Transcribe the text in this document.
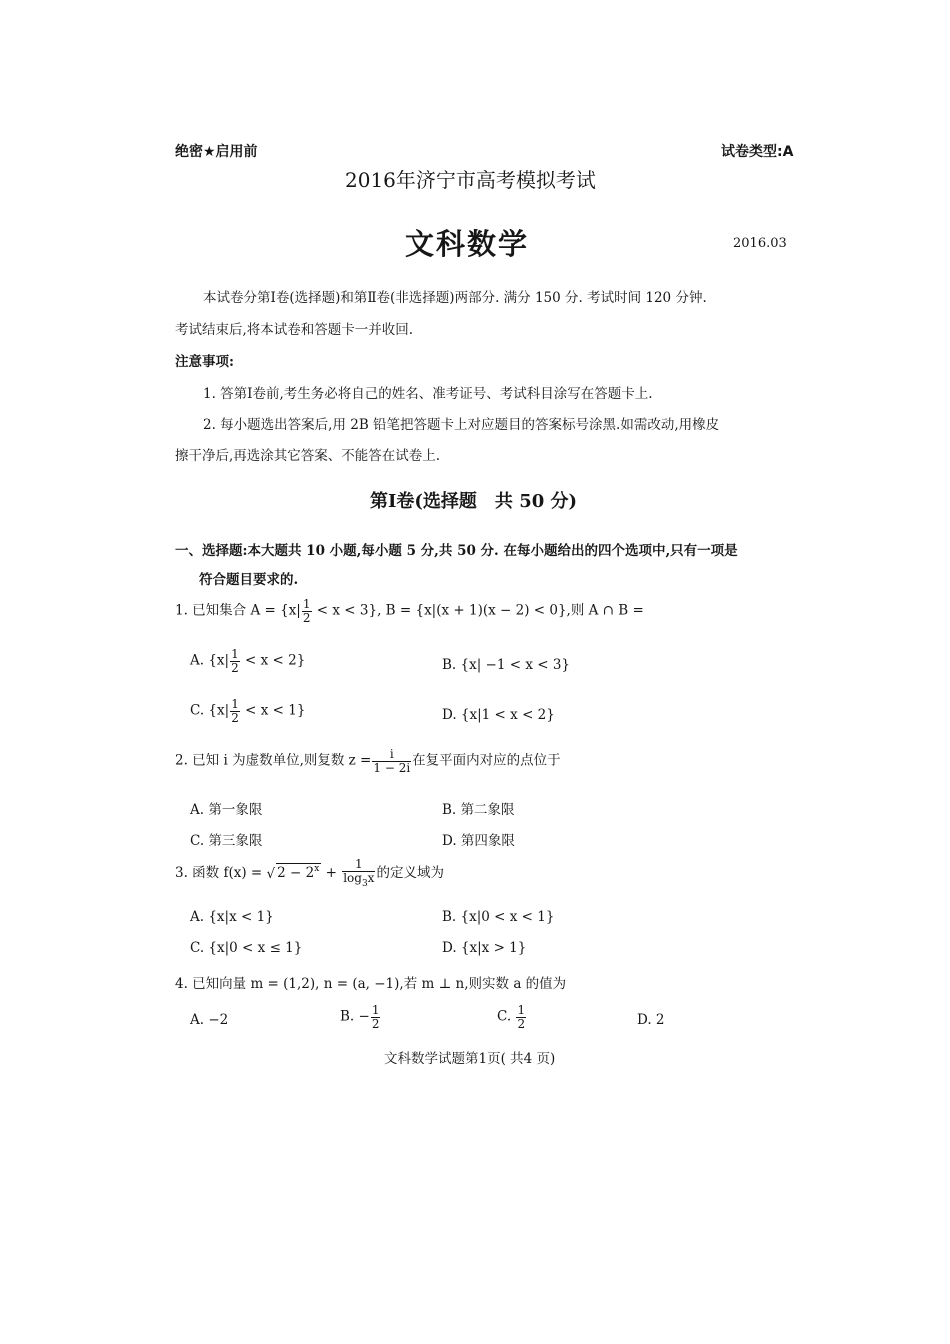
绝密★启用前	试卷类型:A
2016年济宁市高考模拟考试
文科数学	2016.03
本试卷分第Ⅰ卷(选择题)和第Ⅱ卷(非选择题)两部分. 满分 150 分. 考试时间 120 分钟.
考试结束后,将本试卷和答题卡一并收回.
注意事项:
1. 答第Ⅰ卷前,考生务必将自己的姓名、准考证号、考试科目涂写在答题卡上.
2. 每小题选出答案后,用 2B 铅笔把答题卡上对应题目的答案标号涂黑.如需改动,用橡皮
擦干净后,再选涂其它答案、不能答在试卷上.
第Ⅰ卷(选择题　共 50 分)
一、选择题:本大题共 10 小题,每小题 5 分,共 50 分. 在每小题给出的四个选项中,只有一项是
符合题目要求的.
1. 已知集合 $A = \{x| \frac{1}{2} < x < 3\}$, B = {x|(x + 1)(x − 2) < 0},则 A ∩ B =
A. $\{x| \frac{1}{2} < x < 2\}$	B. {x| −1 < x < 3}
C. $\{x| \frac{1}{2} < x < 1\}$	D. {x|1 < x < 2}
2. 已知 i 为虚数单位,则复数 $z = \frac{i}{1 - 2i}$ 在复平面内对应的点位于
A. 第一象限	B. 第二象限
C. 第三象限	D. 第四象限
3. 函数 f(x) = √ $2 - 2^x + \frac{1}{\log_3x}$ 的定义域为
A. {x|x < 1}	B. {x|0 < x < 1}
C. {x|0 < x ≤ 1}	D. {x|x > 1}
4. 已知向量 m = (1,2), n = (a, −1),若 m ⊥ n,则实数 a 的值为
A. −2	B. − $\frac{1}{2}$	C. $\frac{1}{2}$	D. 2
文科数学试题第1页( 共4 页)
